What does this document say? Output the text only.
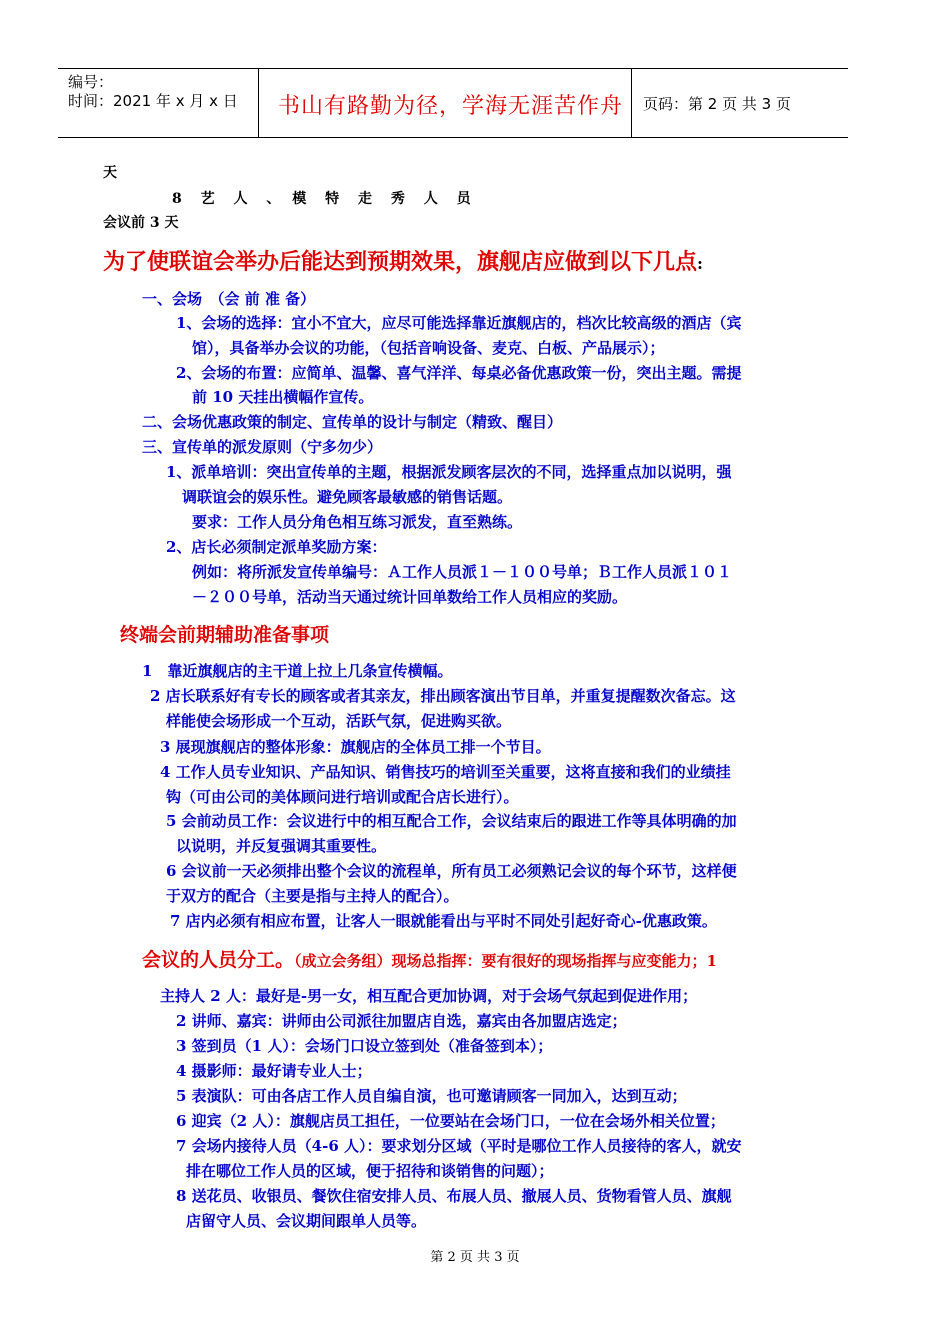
编号：
时间：2021 年 x 月 x 日 书山有路勤为径，学海无涯苦作舟 页码：第 2 页 共 3 页
天
8　 艺　 人　 、　 模　 特　 走　 秀　 人　 员
会议前 3 天
为了使联谊会举办后能达到预期效果，旗舰店应做到以下几点:
一、会场　（会 前 准 备）
1、会场的选择：宜小不宜大，应尽可能选择靠近旗舰店的，档次比较高级的酒店（宾
馆），具备举办会议的功能，（包括音响设备、麦克、白板、产品展示）；
2、会场的布置：应简单、温馨、喜气洋洋、每桌必备优惠政策一份，突出主题。需提
前 10 天挂出横幅作宣传。
二、会场优惠政策的制定、宣传单的设计与制定（精致、醒目）
三、宣传单的派发原则（宁多勿少）
1、派单培训：突出宣传单的主题，根据派发顾客层次的不同，选择重点加以说明，强
调联谊会的娱乐性。避免顾客最敏感的销售话题。
要求：工作人员分角色相互练习派发，直至熟练。
2、店长必须制定派单奖励方案：
例如：将所派发宣传单编号：Ａ工作人员派１－１００号单；Ｂ工作人员派１０１
－２００号单，活动当天通过统计回单数给工作人员相应的奖励。
终端会前期辅助准备事项
1　靠近旗舰店的主干道上拉上几条宣传横幅。
2 店长联系好有专长的顾客或者其亲友，排出顾客演出节目单，并重复提醒数次备忘。这
样能使会场形成一个互动，活跃气氛，促进购买欲。
3 展现旗舰店的整体形象：旗舰店的全体员工排一个节目。
4 工作人员专业知识、产品知识、销售技巧的培训至关重要，这将直接和我们的业绩挂
钩（可由公司的美体顾问进行培训或配合店长进行）。
5 会前动员工作：会议进行中的相互配合工作，会议结束后的跟进工作等具体明确的加
以说明，并反复强调其重要性。
6 会议前一天必须排出整个会议的流程单，所有员工必须熟记会议的每个环节，这样便
于双方的配合（主要是指与主持人的配合）。
7 店内必须有相应布置，让客人一眼就能看出与平时不同处引起好奇心-优惠政策。
会议的人员分工。（成立会务组）现场总指挥：要有很好的现场指挥与应变能力；1
主持人 2 人：最好是-男一女，相互配合更加协调，对于会场气氛起到促进作用；
2 讲师、嘉宾：讲师由公司派往加盟店自选，嘉宾由各加盟店选定；
3 签到员（1 人）：会场门口设立签到处（准备签到本）；
4 摄影师：最好请专业人士；
5 表演队：可由各店工作人员自编自演，也可邀请顾客一同加入，达到互动；
6 迎宾（2 人）：旗舰店员工担任，一位要站在会场门口，一位在会场外相关位置；
7 会场内接待人员（4-6 人）：要求划分区域（平时是哪位工作人员接待的客人，就安
排在哪位工作人员的区域，便于招待和谈销售的问题）；
8 送花员、收银员、餐饮住宿安排人员、布展人员、撤展人员、货物看管人员、旗舰
店留守人员、会议期间跟单人员等。
第 2 页 共 3 页
